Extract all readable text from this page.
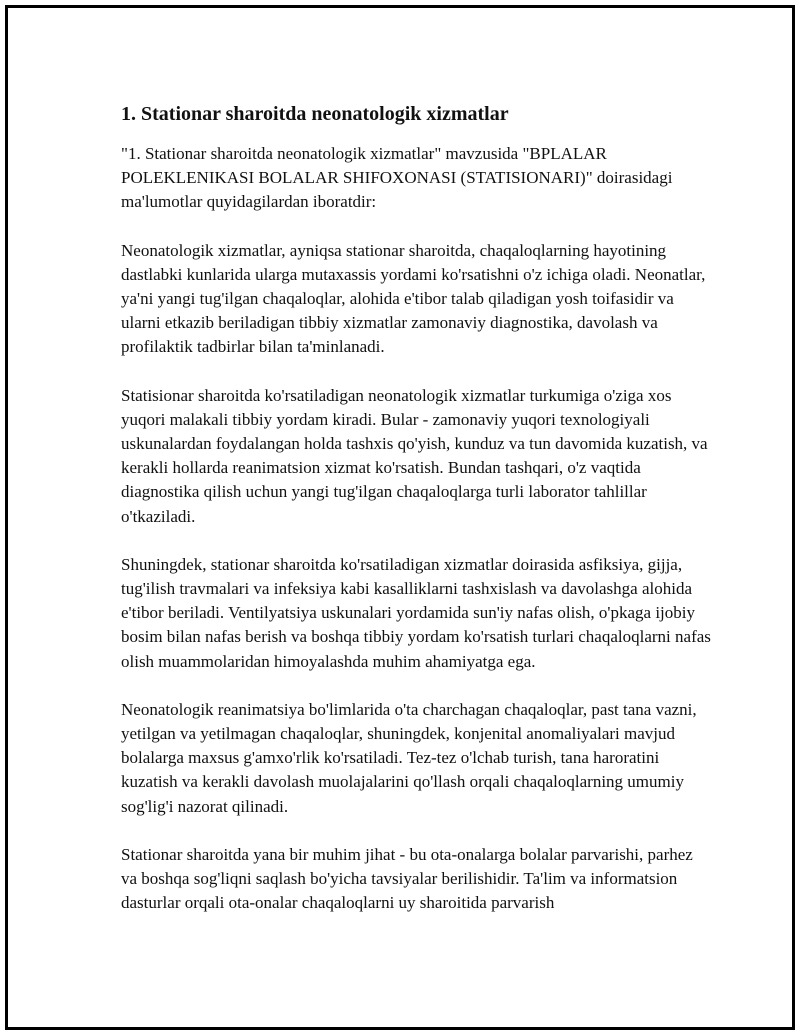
1. Stationar sharoitda neonatologik xizmatlar

"1. Stationar sharoitda neonatologik xizmatlar" mavzusida "BPLALAR POLEKLENIKASI BOLALAR SHIFOXONASI (STATISIONARI)" doirasidagi ma'lumotlar quyidagilardan iboratdir:

Neonatologik xizmatlar, ayniqsa stationar sharoitda, chaqaloqlarning hayotining dastlabki kunlarida ularga mutaxassis yordami ko'rsatishni o'z ichiga oladi. Neonatlar, ya'ni yangi tug'ilgan chaqaloqlar, alohida e'tibor talab qiladigan yosh toifasidir va ularni etkazib beriladigan tibbiy xizmatlar zamonaviy diagnostika, davolash va profilaktik tadbirlar bilan ta'minlanadi.

Statisionar sharoitda ko'rsatiladigan neonatologik xizmatlar turkumiga o'ziga xos yuqori malakali tibbiy yordam kiradi. Bular - zamonaviy yuqori texnologiyali uskunalardan foydalangan holda tashxis qo'yish, kunduz va tun davomida kuzatish, va kerakli hollarda reanimatsion xizmat ko'rsatish. Bundan tashqari, o'z vaqtida diagnostika qilish uchun yangi tug'ilgan chaqaloqlarga turli laborator tahlillar o'tkaziladi.

Shuningdek, stationar sharoitda ko'rsatiladigan xizmatlar doirasida asfiksiya, gijja, tug'ilish travmalari va infeksiya kabi kasalliklarni tashxislash va davolashga alohida e'tibor beriladi. Ventilyatsiya uskunalari yordamida sun'iy nafas olish, o'pkaga ijobiy bosim bilan nafas berish va boshqa tibbiy yordam ko'rsatish turlari chaqaloqlarni nafas olish muammolaridan himoyalashda muhim ahamiyatga ega.

Neonatologik reanimatsiya bo'limlarida o'ta charchagan chaqaloqlar, past tana vazni, yetilgan va yetilmagan chaqaloqlar, shuningdek, konjenital anomaliyalari mavjud bolalarga maxsus g'amxo'rlik ko'rsatiladi. Tez-tez o'lchab turish, tana haroratini kuzatish va kerakli davolash muolajalarini qo'llash orqali chaqaloqlarning umumiy sog'lig'i nazorat qilinadi.

Stationar sharoitda yana bir muhim jihat - bu ota-onalarga bolalar parvarishi, parhez va boshqa sog'liqni saqlash bo'yicha tavsiyalar berilishidir. Ta'lim va informatsion dasturlar orqali ota-onalar chaqaloqlarni uy sharoitida parvarish
